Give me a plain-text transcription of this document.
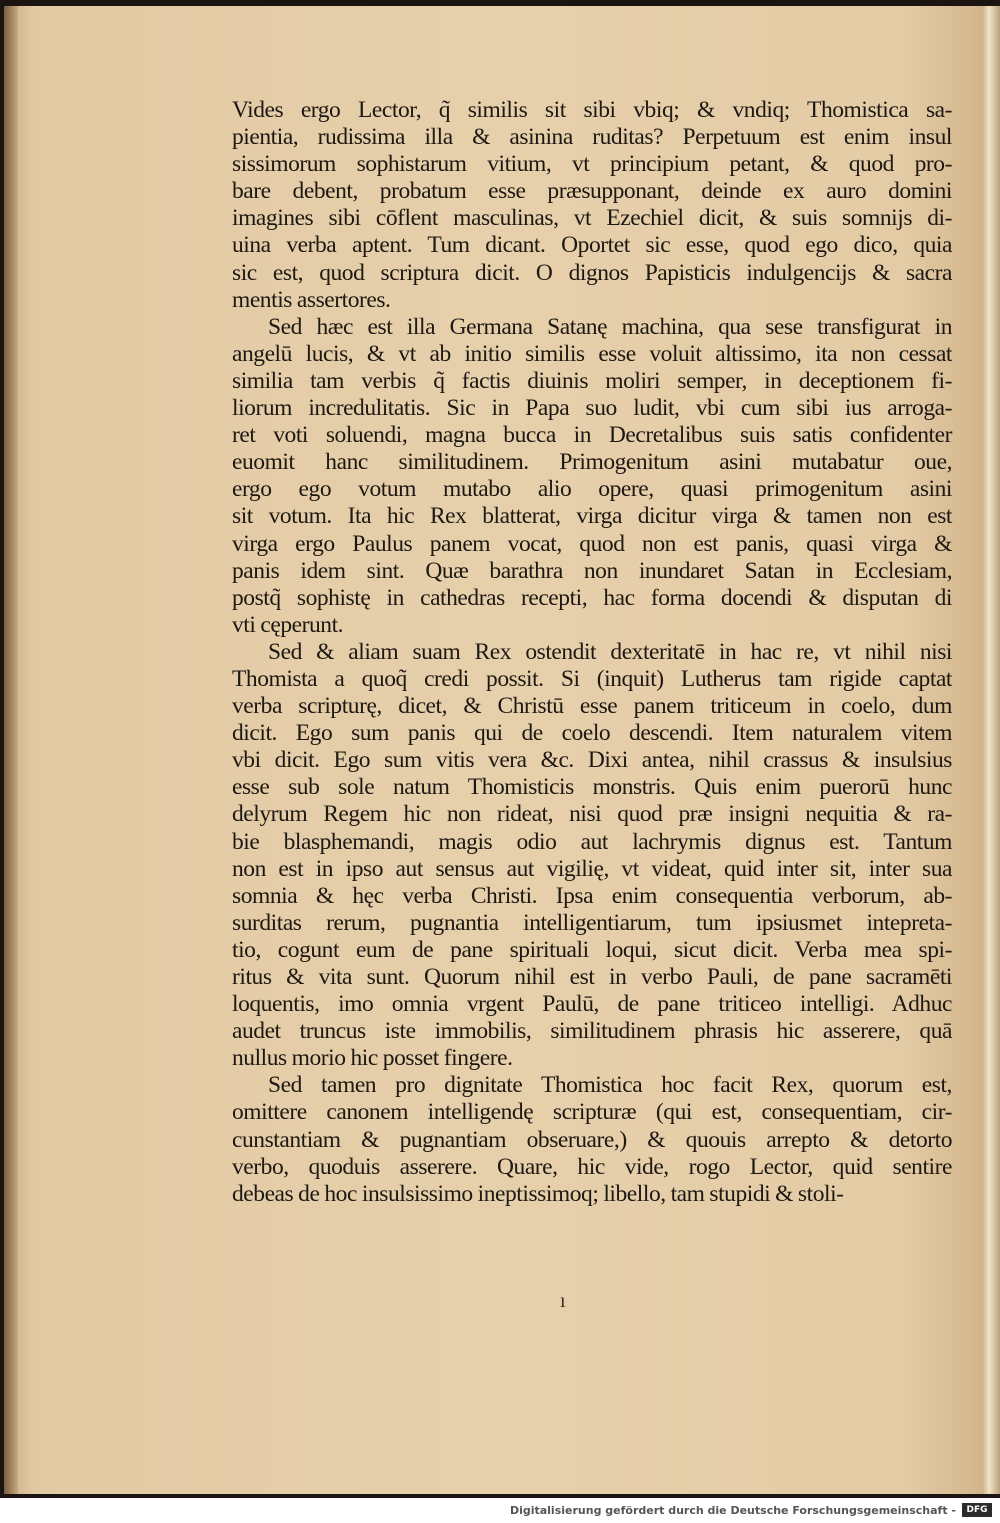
Vides ergo Lector, q̃ similis sit sibi vbiq; & vndiq; Thomistica sa-
pientia, rudissima illa & asinina ruditas? Perpetuum est enim insul
sissimorum sophistarum vitium, vt principium petant, & quod pro-
bare debent, probatum esse præsupponant, deinde ex auro domini
imagines sibi cōflent masculinas, vt Ezechiel dicit, & suis somnijs di-
uina verba aptent. Tum dicant. Oportet sic esse, quod ego dico, quia
sic est, quod scriptura dicit. O dignos Papisticis indulgencijs & sacra
mentis assertores.
Sed hæc est illa Germana Satanę machina, qua sese transfigurat in
angelū lucis, & vt ab initio similis esse voluit altissimo, ita non cessat
similia tam verbis q̃ factis diuinis moliri semper, in deceptionem fi-
liorum incredulitatis. Sic in Papa suo ludit, vbi cum sibi ius arroga-
ret voti soluendi, magna bucca in Decretalibus suis satis confidenter
euomit hanc similitudinem. Primogenitum asini mutabatur oue,
ergo ego votum mutabo alio opere, quasi primogenitum asini
sit votum. Ita hic Rex blatterat, virga dicitur virga & tamen non est
virga ergo Paulus panem vocat, quod non est panis, quasi virga &
panis idem sint. Quæ barathra non inundaret Satan in Ecclesiam,
postq̃ sophistę in cathedras recepti, hac forma docendi & disputan di
vti cęperunt.
Sed & aliam suam Rex ostendit dexteritatē in hac re, vt nihil nisi
Thomista a quoq̃ credi possit. Si (inquit) Lutherus tam rigide captat
verba scripturę, dicet, & Christū esse panem triticeum in coelo, dum
dicit. Ego sum panis qui de coelo descendi. Item naturalem vitem
vbi dicit. Ego sum vitis vera &c. Dixi antea, nihil crassus & insulsius
esse sub sole natum Thomisticis monstris. Quis enim puerorū hunc
delyrum Regem hic non rideat, nisi quod præ insigni nequitia & ra-
bie blasphemandi, magis odio aut lachrymis dignus est. Tantum
non est in ipso aut sensus aut vigilię, vt videat, quid inter sit, inter sua
somnia & hęc verba Christi. Ipsa enim consequentia verborum, ab-
surditas rerum, pugnantia intelligentiarum, tum ipsiusmet intepreta-
tio, cogunt eum de pane spirituali loqui, sicut dicit. Verba mea spi-
ritus & vita sunt. Quorum nihil est in verbo Pauli, de pane sacramēti
loquentis, imo omnia vrgent Paulū, de pane triticeo intelligi. Adhuc
audet truncus iste immobilis, similitudinem phrasis hic asserere, quā
nullus morio hic posset fingere.
Sed tamen pro dignitate Thomistica hoc facit Rex, quorum est,
omittere canonem intelligendę scripturæ (qui est, consequentiam, cir-
cunstantiam & pugnantiam obseruare,) & quouis arrepto & detorto
verbo, quoduis asserere. Quare, hic vide, rogo Lector, quid sentire
debeas de hoc insulsissimo ineptissimoq; libello, tam stupidi & stoli-
ı
Digitalisierung gefördert durch die Deutsche Forschungsgemeinschaft -	DFG
